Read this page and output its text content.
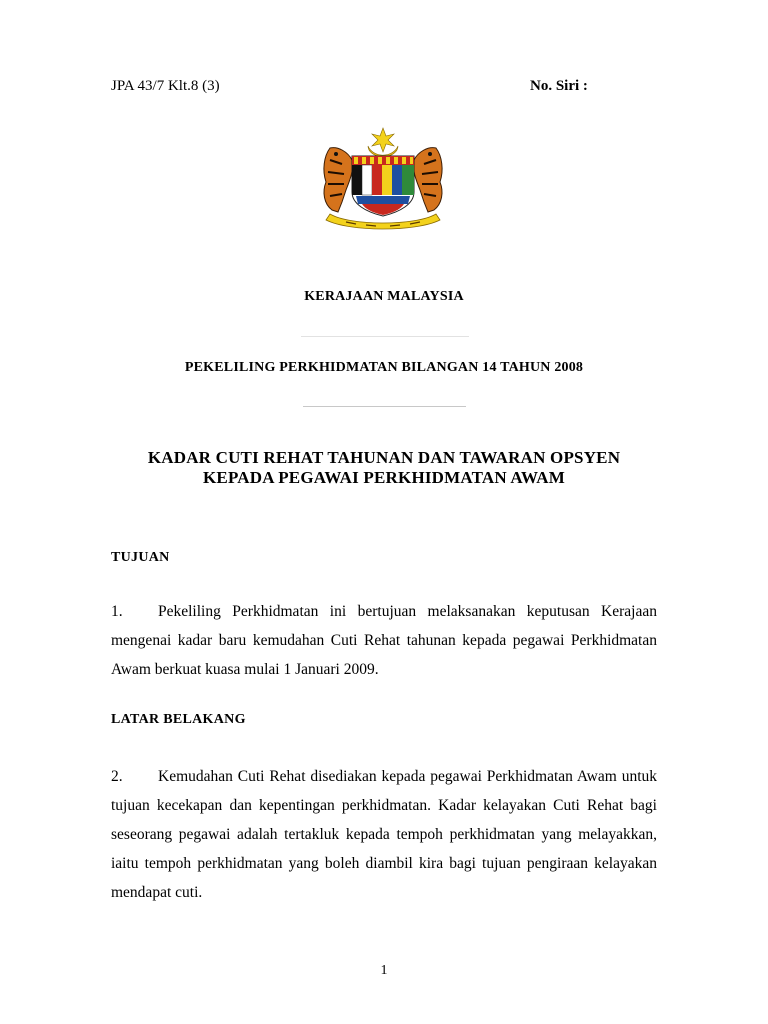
JPA 43/7 Klt.8 (3)	No. Siri :
KERAJAAN MALAYSIA
PEKELILING PERKHIDMATAN BILANGAN 14 TAHUN 2008
KADAR CUTI REHAT TAHUNAN DAN TAWARAN OPSYEN
KEPADA PEGAWAI PERKHIDMATAN AWAM
TUJUAN
1. Pekeliling Perkhidmatan ini bertujuan melaksanakan keputusan Kerajaan mengenai kadar baru kemudahan Cuti Rehat tahunan kepada pegawai Perkhidmatan Awam berkuat kuasa mulai 1 Januari 2009.
LATAR BELAKANG
2. Kemudahan Cuti Rehat disediakan kepada pegawai Perkhidmatan Awam untuk tujuan kecekapan dan kepentingan perkhidmatan. Kadar kelayakan Cuti Rehat bagi seseorang pegawai adalah tertakluk kepada tempoh perkhidmatan yang melayakkan, iaitu tempoh perkhidmatan yang boleh diambil kira bagi tujuan pengiraan kelayakan mendapat cuti.
1
